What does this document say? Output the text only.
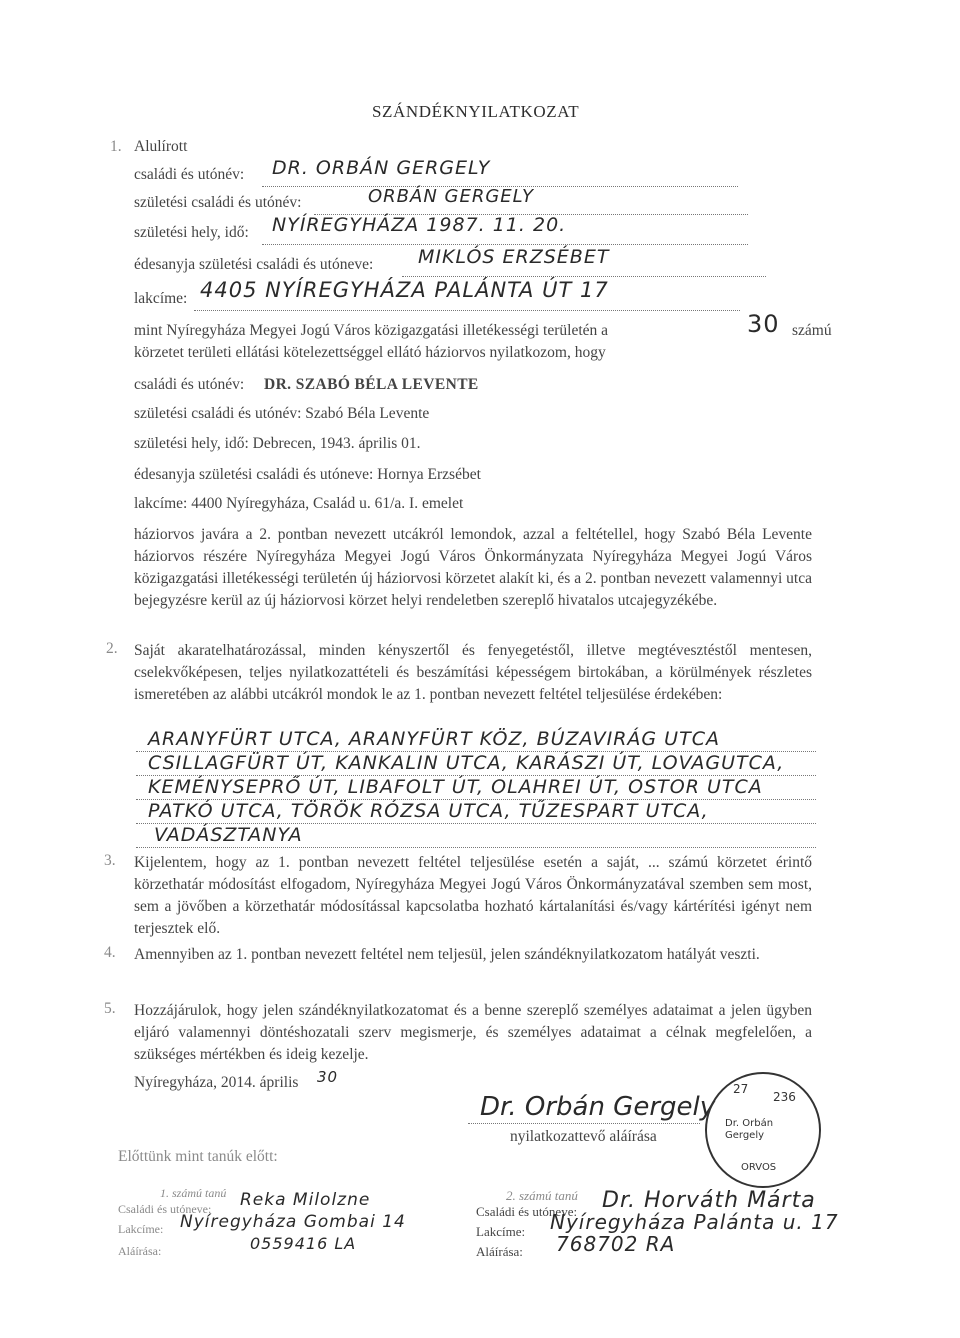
SZÁNDÉKNYILATKOZAT
1. Alulírott
családi és utónév: DR. ORBÁN GERGELY
születési családi és utónév:	ORBÁN GERGELY
születési hely, idő: NYÍREGYHÁZA 1987. 11. 20.
édesanyja születési családi és utóneve: MIKLÓS ERZSÉBET
lakcíme: 4405 NYÍREGYHÁZA PALÁNTA ÚT 17
mint Nyíregyháza Megyei Jogú Város közigazgatási illetékességi területén a	30 számú
körzetet területi ellátási kötelezettséggel ellátó háziorvos nyilatkozom, hogy
családi és utónév: DR. SZABÓ BÉLA LEVENTE
születési családi és utónév: Szabó Béla Levente
születési hely, idő: Debrecen, 1943. április 01.
édesanyja születési családi és utóneve: Hornya Erzsébet
lakcíme: 4400 Nyíregyháza, Család u. 61/a. I. emelet
háziorvos javára a 2. pontban nevezett utcákról lemondok, azzal a feltétellel, hogy Szabó Béla Levente háziorvos részére Nyíregyháza Megyei Jogú Város Önkormányzata Nyíregyháza Megyei Jogú Város közigazgatási illetékességi területén új háziorvosi körzetet alakít ki, és a 2. pontban nevezett valamennyi utca bejegyzésre kerül az új háziorvosi körzet helyi rendeletben szereplő hivatalos utcajegyzékébe.
2. Saját akaratelhatározással, minden kényszertől és fenyegetéstől, illetve megtévesztéstől mentesen, cselekvőképesen, teljes nyilatkozattételi és beszámítási képességem birtokában, a körülmények részletes ismeretében az alábbi utcákról mondok le az 1. pontban nevezett feltétel teljesülése érdekében:
ARANYFÜRT UTCA, ARANYFÜRT KÖZ, BÚZAVIRÁG UTCA
CSILLAGFÜRT ÚT, KANKALIN UTCA, KARÁSZI ÚT, LOVAGUTCA,
KEMÉNYSEPRŐ ÚT, LIBAFOLT ÚT, OLAHREI ÚT, OSTOR UTCA
PATKÓ UTCA, TÖRÖK RÓZSA UTCA, TŰZESPART UTCA,
VADÁSZTANYA
3. Kijelentem, hogy az 1. pontban nevezett feltétel teljesülése esetén a saját, ... számú körzetet érintő körzethatár módosítást elfogadom, Nyíregyháza Megyei Jogú Város Önkormányzatával szemben sem most, sem a jövőben a körzethatár módosítással kapcsolatba hozható kártalanítási és/vagy kártérítési igényt nem terjesztek elő.
4. Amennyiben az 1. pontban nevezett feltétel nem teljesül, jelen szándéknyilatkozatom hatályát veszti.
5. Hozzájárulok, hogy jelen szándéknyilatkozatomat és a benne szereplő személyes adataimat a jelen ügyben eljáró valamennyi döntéshozatali szerv megismerje, és személyes adataimat a célnak megfelelően, a szükséges mértékben és ideig kezelje.
Nyíregyháza, 2014. április 30
Dr. Orbán Gergely
nyilatkozattevő aláírása
27
236
Dr. Orbán Gergely
ORVOS
Előttünk mint tanúk előtt:
1. számú tanú
Családi és utóneve: Reka Milolzne
Lakcíme: Nyíregyháza Gombai 14
Aláírása:	0559416 LA
2. számú tanú
Családi és utóneve: Dr. Horváth Márta
Lakcíme: Nyíregyháza Palánta u. 17
Aláírása: 768702 RA
